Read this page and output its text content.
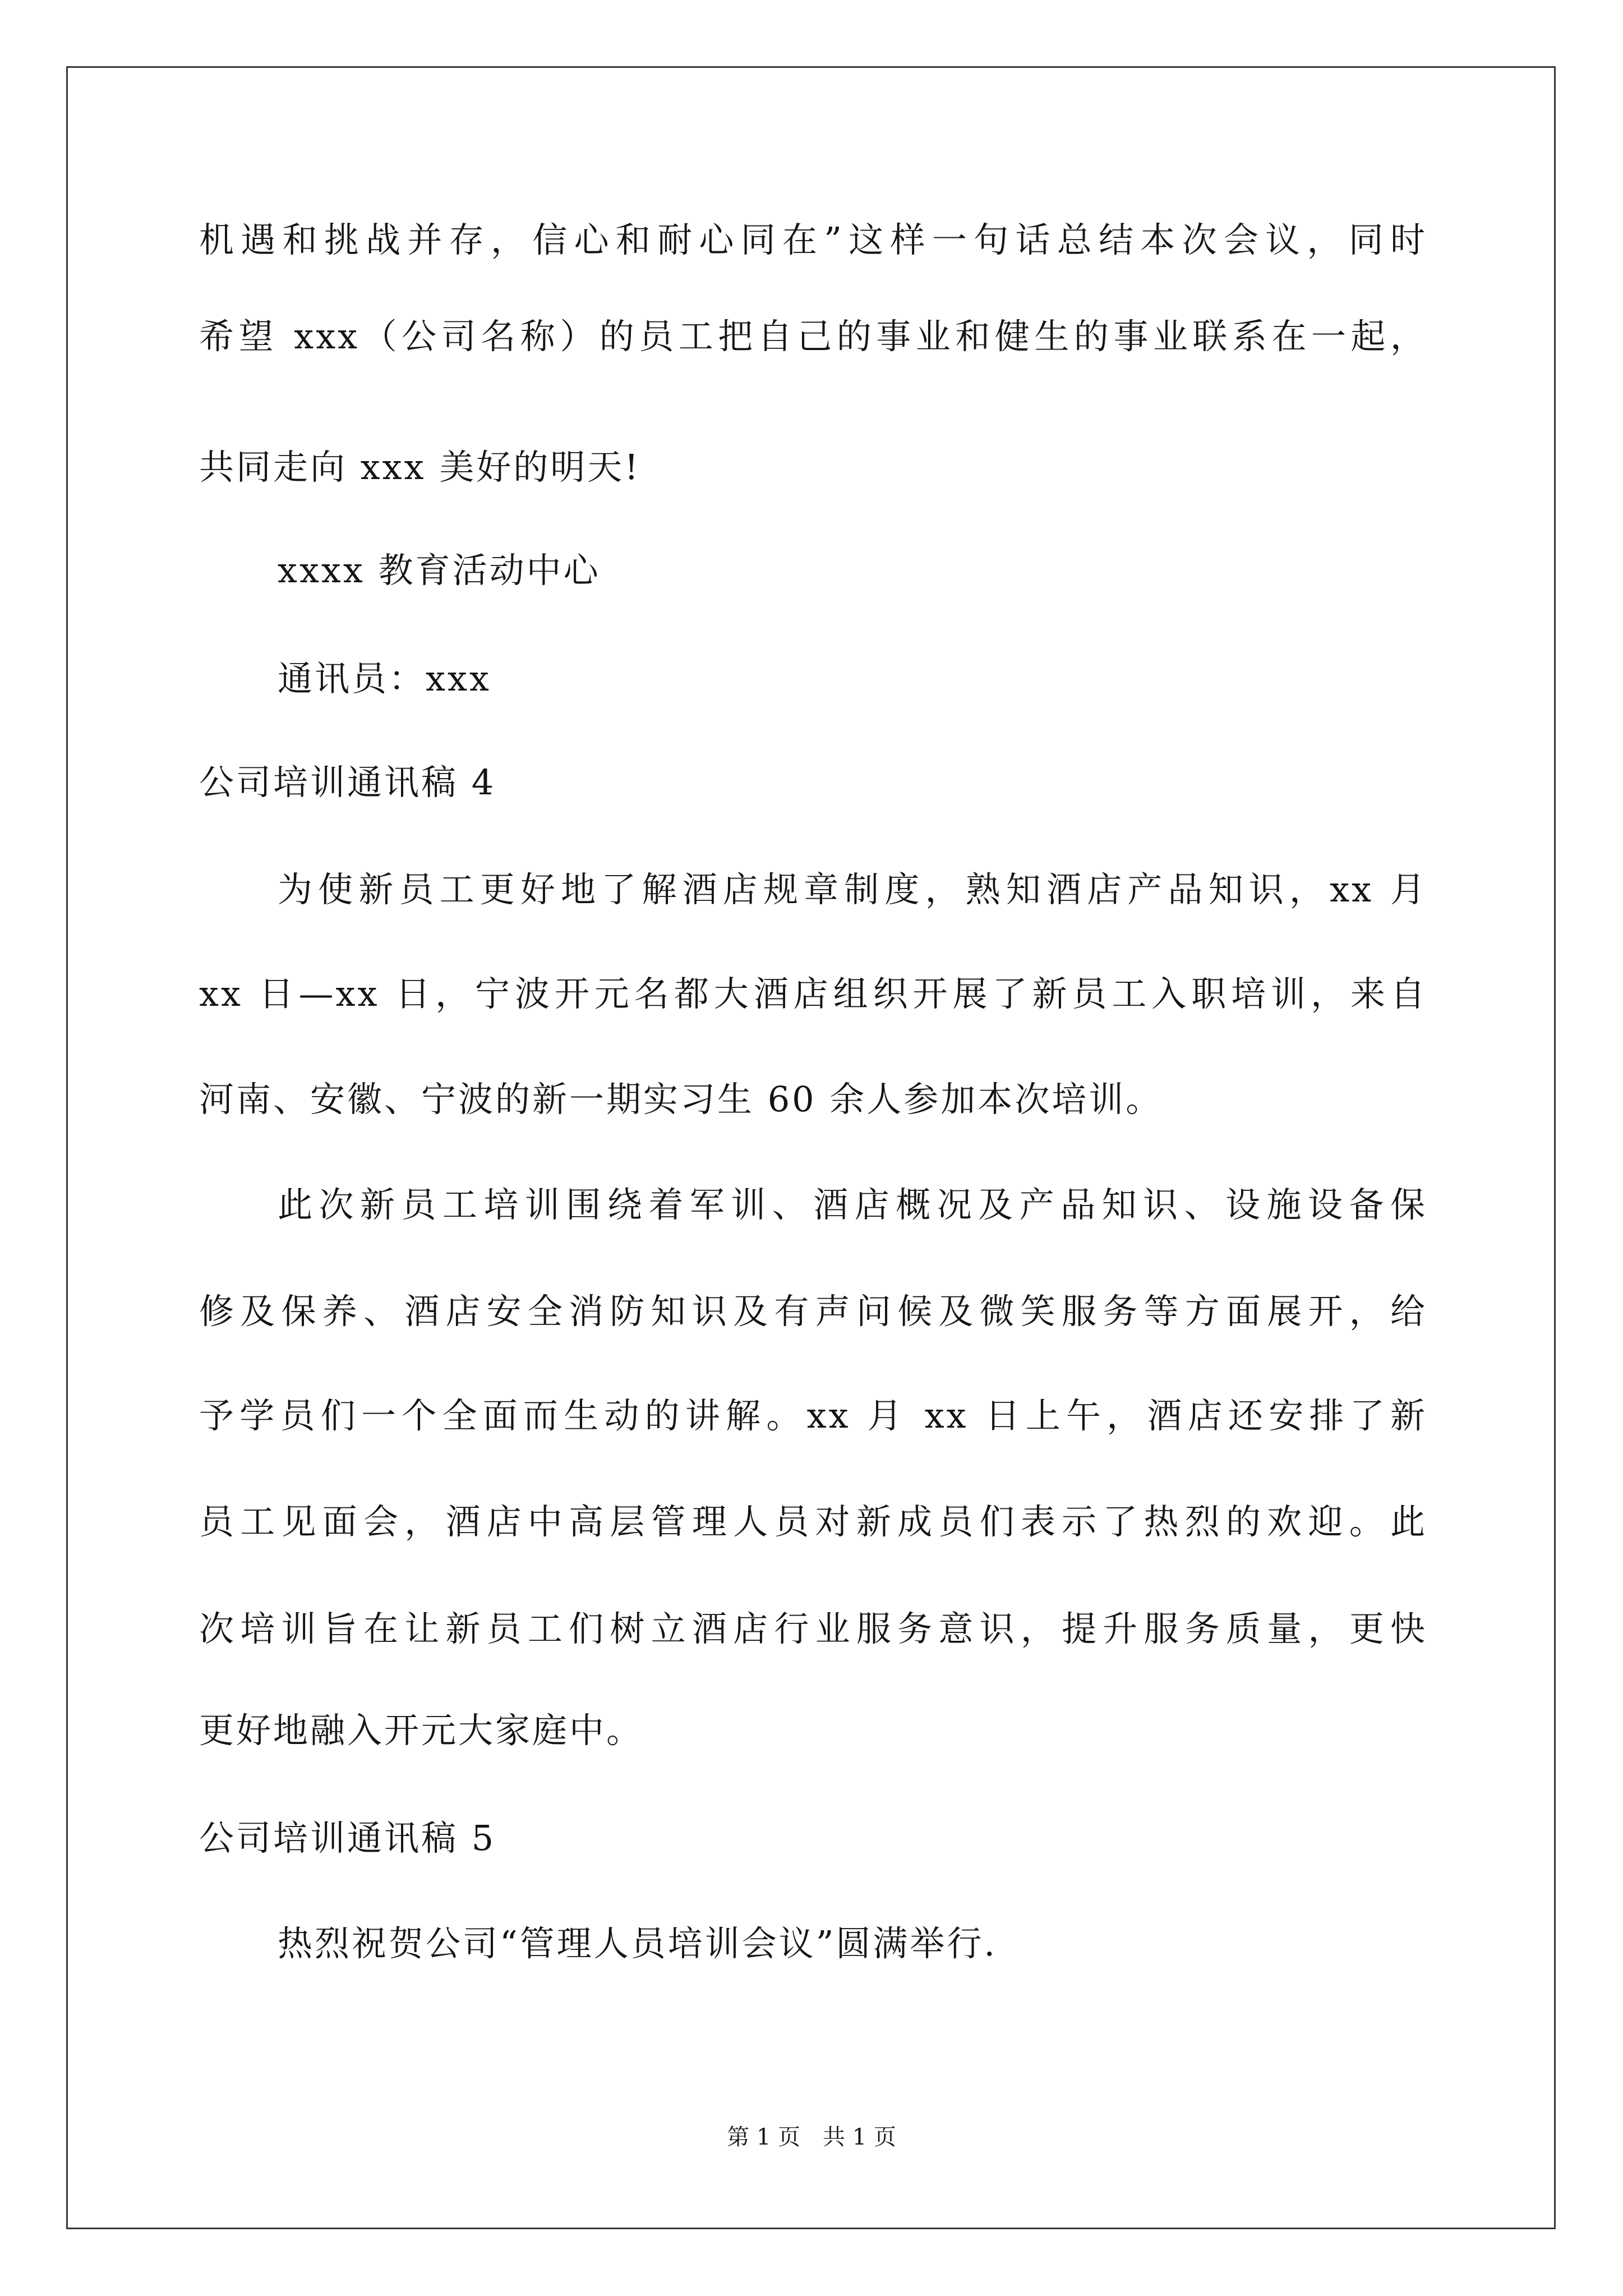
机遇和挑战并存，信心和耐心同在”这样一句话总结本次会议，同时
希望 xxx（公司名称）的员工把自己的事业和健生的事业联系在一起，
共同走向 xxx 美好的明天!
xxxx 教育活动中心
通讯员：xxx
公司培训通讯稿 4
为使新员工更好地了解酒店规章制度，熟知酒店产品知识，xx 月
xx 日—xx 日，宁波开元名都大酒店组织开展了新员工入职培训，来自
河南、安徽、宁波的新一期实习生 60 余人参加本次培训。
此次新员工培训围绕着军训、酒店概况及产品知识、设施设备保
修及保养、酒店安全消防知识及有声问候及微笑服务等方面展开，给
予学员们一个全面而生动的讲解。xx 月 xx 日上午，酒店还安排了新
员工见面会，酒店中高层管理人员对新成员们表示了热烈的欢迎。此
次培训旨在让新员工们树立酒店行业服务意识，提升服务质量，更快
更好地融入开元大家庭中。
公司培训通讯稿 5
热烈祝贺公司“管理人员培训会议”圆满举行.
第 1 页　共 1 页
